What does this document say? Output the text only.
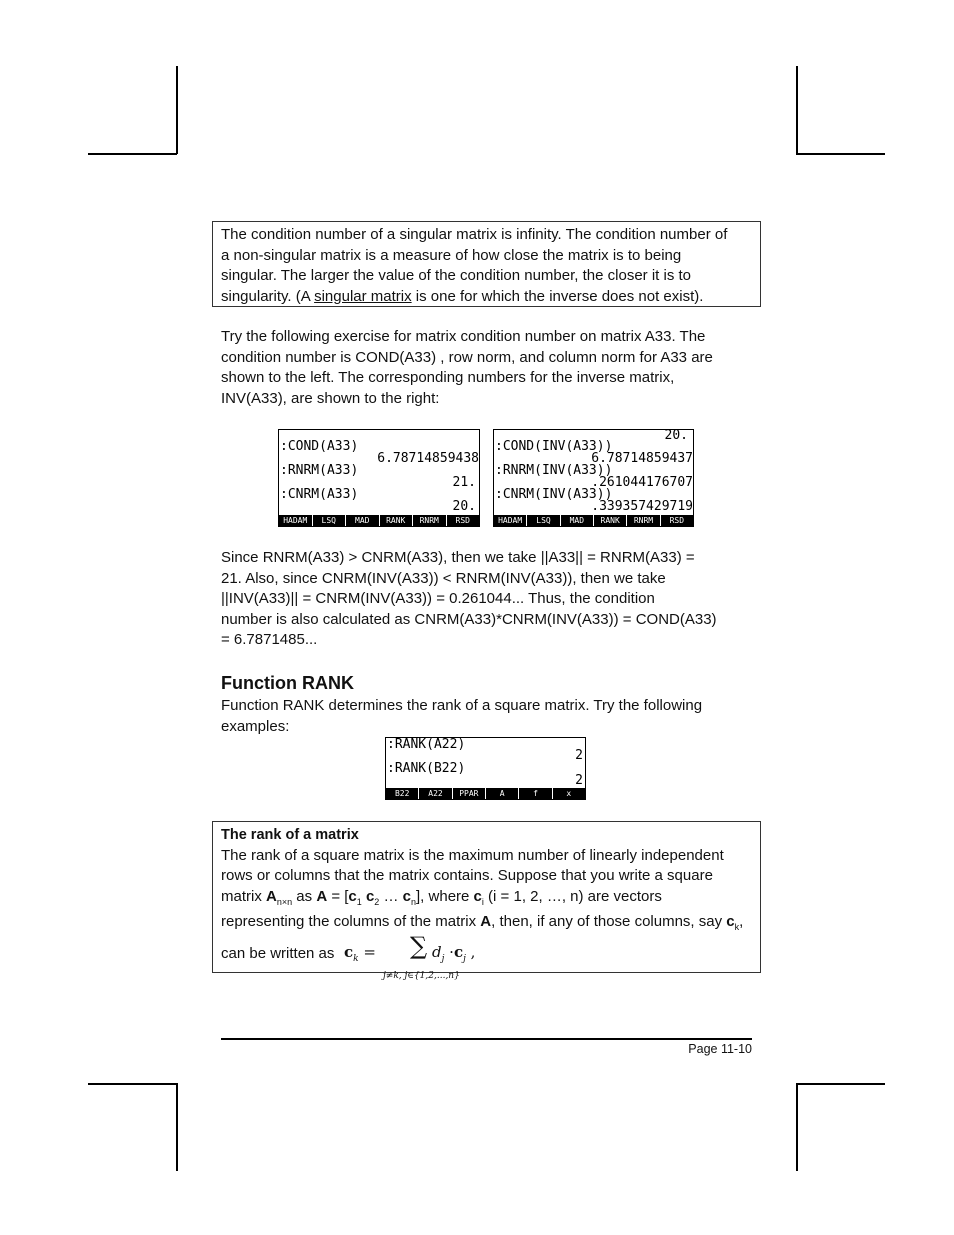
The condition number of a singular matrix is infinity. The condition number of
a non-singular matrix is a measure of how close the matrix is to being
singular. The larger the value of the condition number, the closer it is to
singularity. (A singular matrix is one for which the inverse does not exist).
Try the following exercise for matrix condition number on matrix A33. The
condition number is COND(A33) , row norm, and column norm for A33 are
shown to the left. The corresponding numbers for the inverse matrix,
INV(A33), are shown to the right:
:COND(A33)
6.78714859438
:RNRM(A33)
21.
:CNRM(A33)
20.
HADAM	LSQ	MAD	RANK	RNRM	RSD
20.
:COND(INV(A33))
6.78714859437
:RNRM(INV(A33))
.261044176707
:CNRM(INV(A33))
.339357429719
HADAM	LSQ	MAD	RANK	RNRM	RSD
Since RNRM(A33) > CNRM(A33), then we take ||A33|| = RNRM(A33) =
21. Also, since CNRM(INV(A33)) < RNRM(INV(A33)), then we take
||INV(A33)|| = CNRM(INV(A33)) = 0.261044... Thus, the condition
number is also calculated as CNRM(A33)*CNRM(INV(A33)) = COND(A33)
= 6.7871485...
Function RANK
Function RANK determines the rank of a square matrix. Try the following
examples:
:RANK(A22)
2
:RANK(B22)
2
B22	A22	PPAR	A	f	x
The rank of a matrix
The rank of a square matrix is the maximum number of linearly independent
rows or columns that the matrix contains. Suppose that you write a square
matrix $A_{n\times n}$ as $A = [c_1$ $c_2$ … $c_n$], where $c_i$ (i = 1, 2, …, n) are vectors
representing the columns of the matrix A, then, if any of those columns, say $c_k$,
can be written as $c_k$ = ∑ $d_j \cdot c_j$ ,
j≠k, j∈{1,2,...,n}
Page 11-10
